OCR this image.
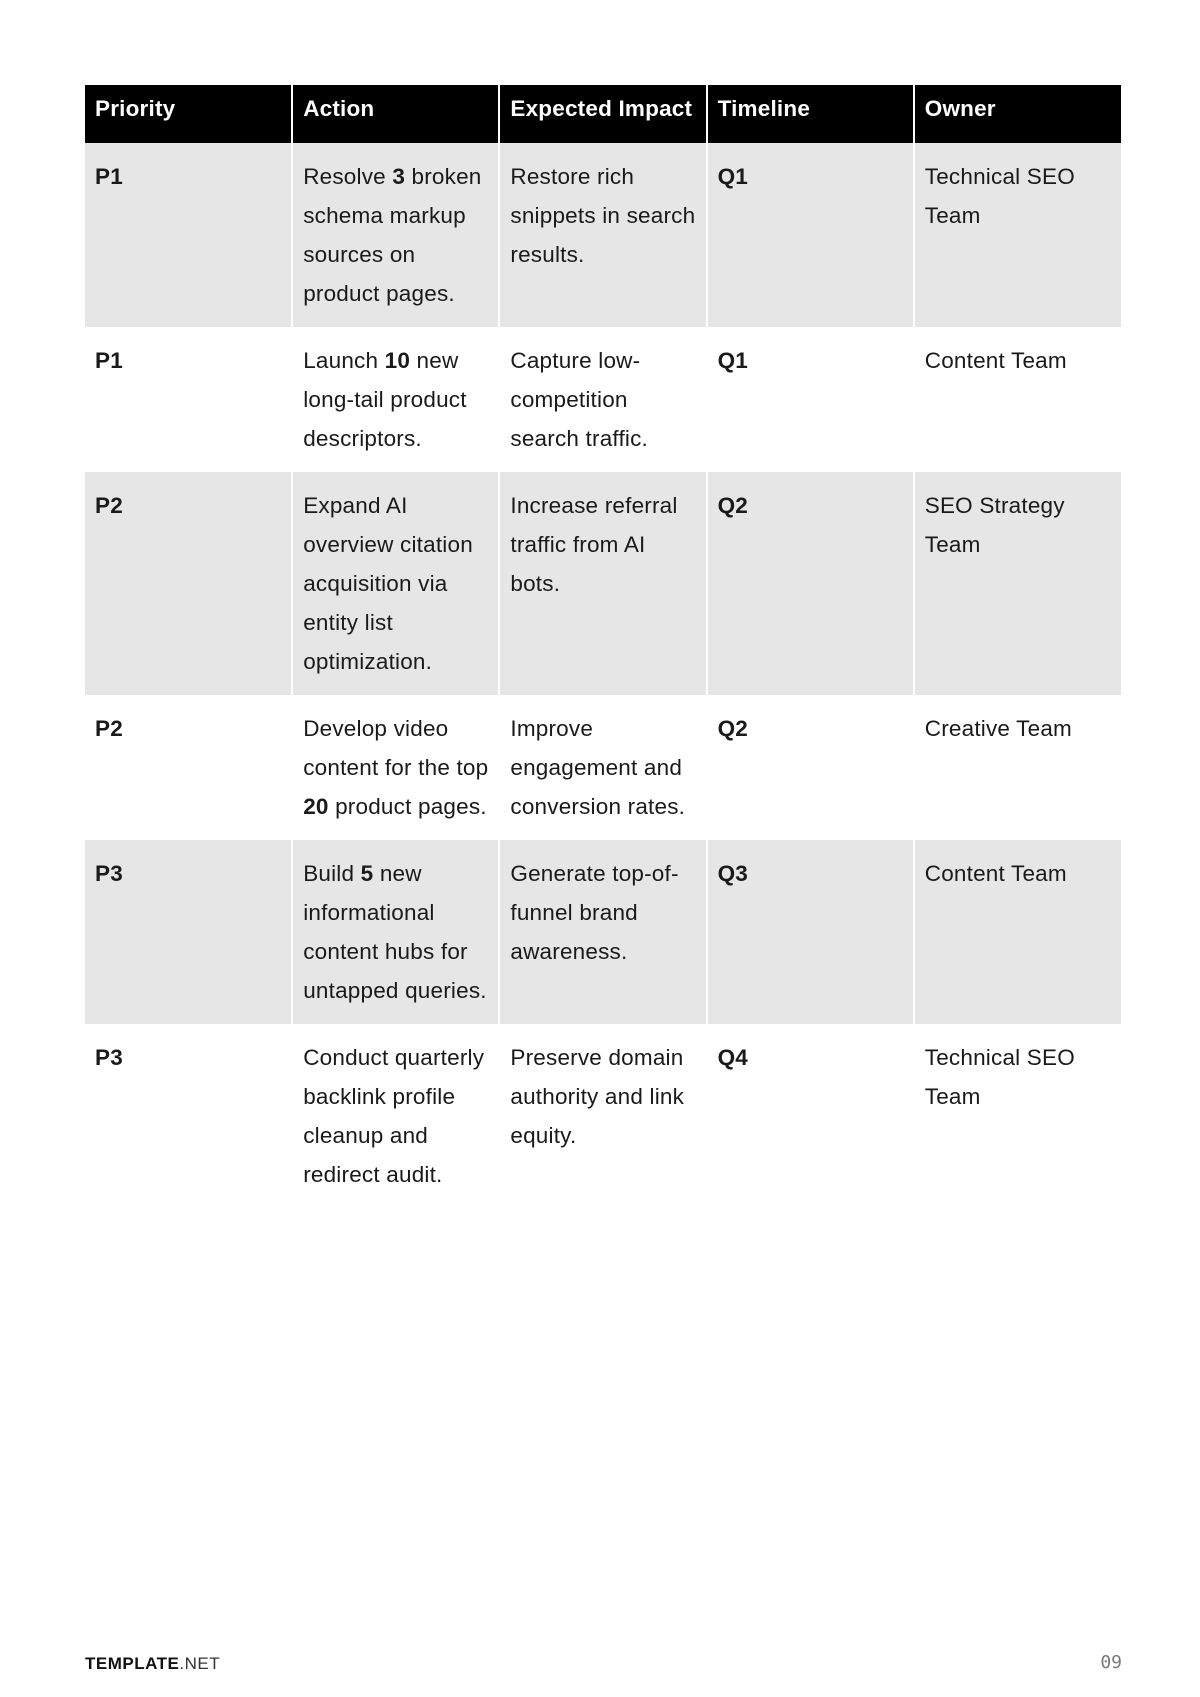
Priority	Action	Expected Impact	Timeline	Owner
P1	Resolve 3 broken schema markup sources on product pages.	Restore rich snippets in search results.	Q1	Technical SEO Team
P1	Launch 10 new long-tail product descriptors.	Capture low-competition search traffic.	Q1	Content Team
P2	Expand AI overview citation acquisition via entity list optimization.	Increase referral traffic from AI bots.	Q2	SEO Strategy Team
P2	Develop video content for the top 20 product pages.	Improve engagement and conversion rates.	Q2	Creative Team
P3	Build 5 new informational content hubs for untapped queries.	Generate top-of-funnel brand awareness.	Q3	Content Team
P3	Conduct quarterly backlink profile cleanup and redirect audit.	Preserve domain authority and link equity.	Q4	Technical SEO Team
TEMPLATE.NET	09
